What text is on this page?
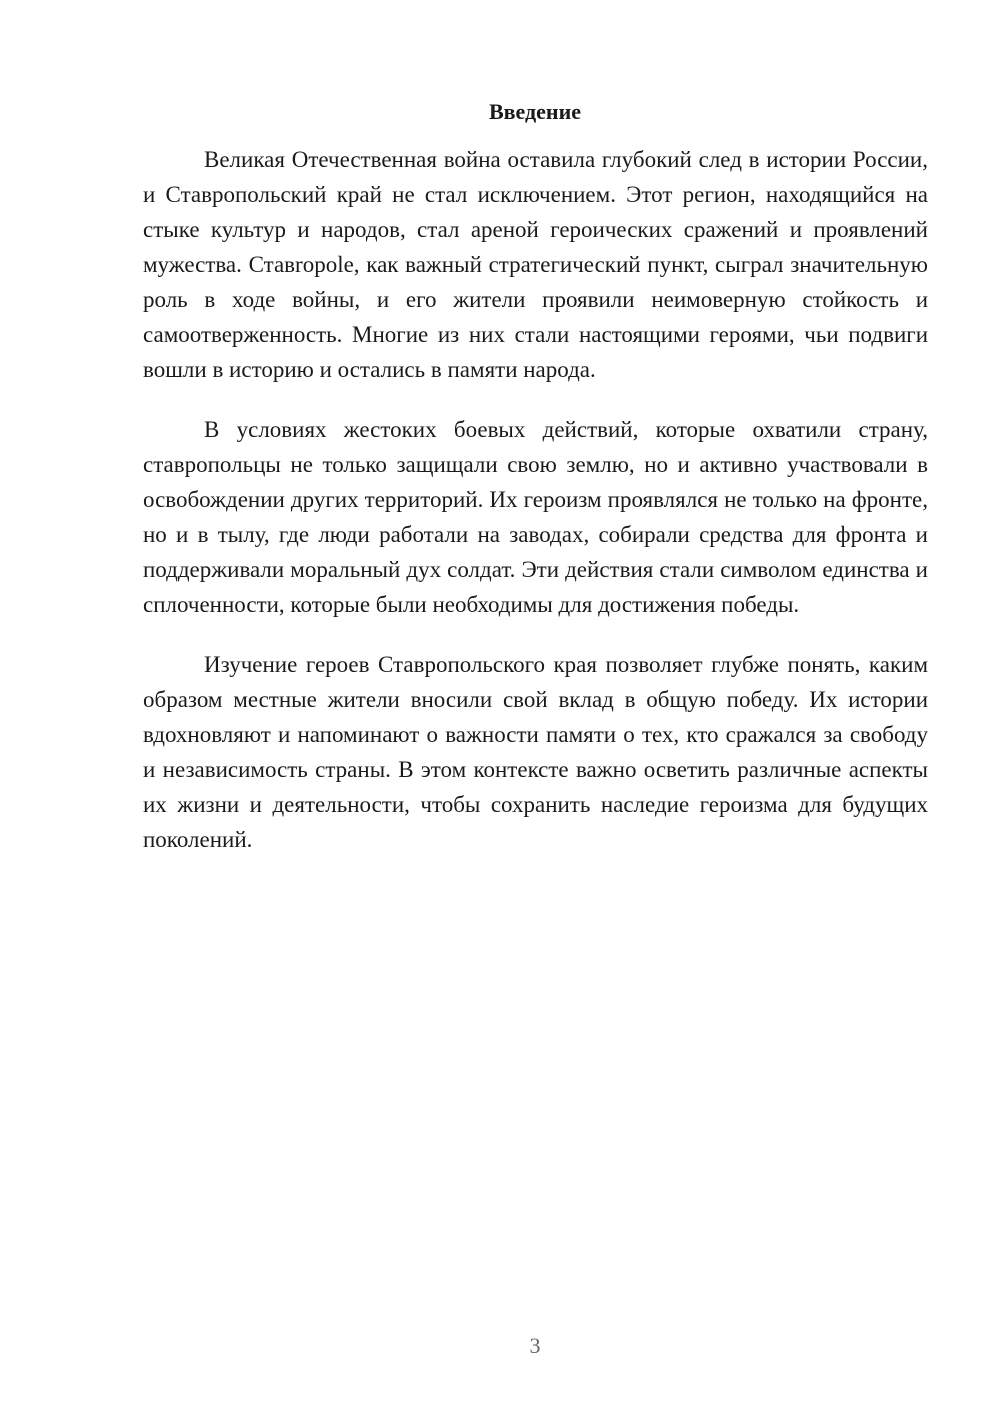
Введение

Великая Отечественная война оставила глубокий след в истории России, и Ставропольский край не стал исключением. Этот регион, находящийся на стыке культур и народов, стал ареной героических сражений и проявлений мужества. Ставropole, как важный стратегический пункт, сыграл значительную роль в ходе войны, и его жители проявили неимоверную стойкость и самоотверженность. Многие из них стали настоящими героями, чьи подвиги вошли в историю и остались в памяти народа.

В условиях жестоких боевых действий, которые охватили страну, ставропольцы не только защищали свою землю, но и активно участвовали в освобождении других территорий. Их героизм проявлялся не только на фронте, но и в тылу, где люди работали на заводах, собирали средства для фронта и поддерживали моральный дух солдат. Эти действия стали символом единства и сплоченности, которые были необходимы для достижения победы.

Изучение героев Ставропольского края позволяет глубже понять, каким образом местные жители вносили свой вклад в общую победу. Их истории вдохновляют и напоминают о важности памяти о тех, кто сражался за свободу и независимость страны. В этом контексте важно осветить различные аспекты их жизни и деятельности, чтобы сохранить наследие героизма для будущих поколений.

3
